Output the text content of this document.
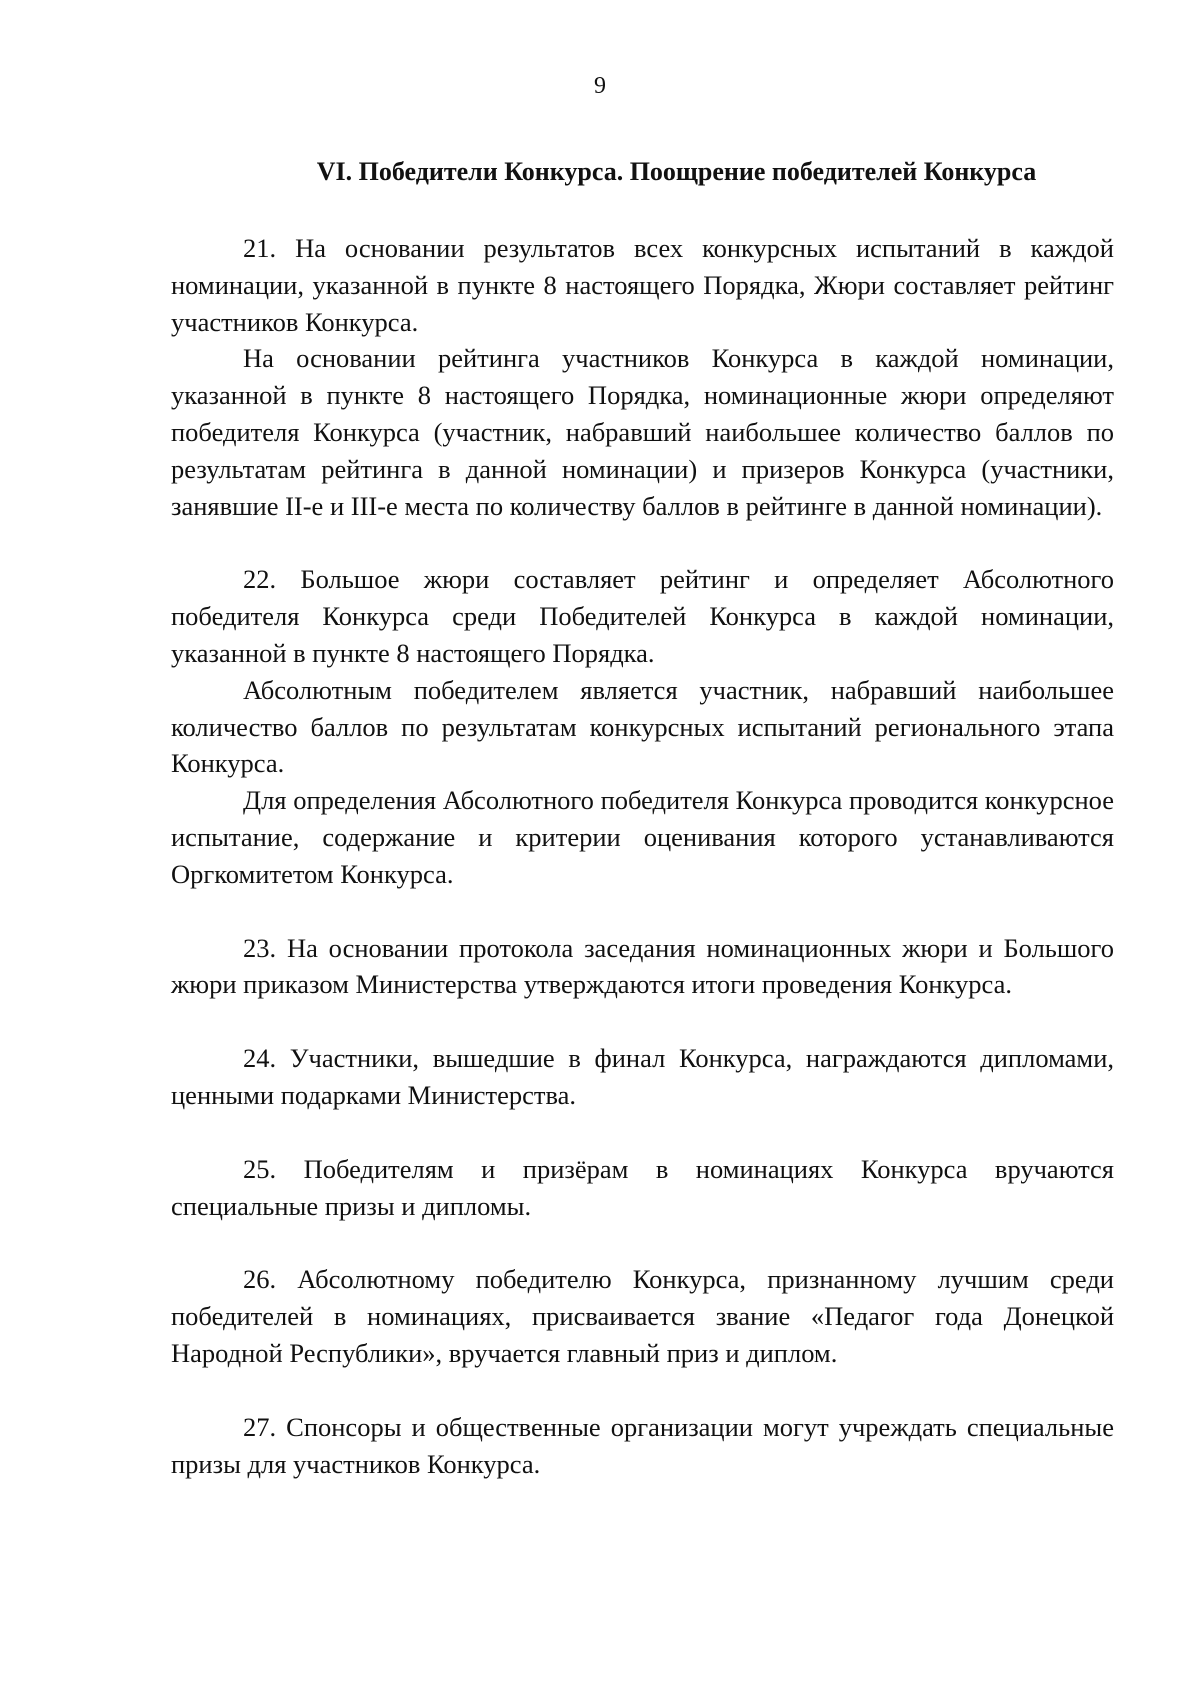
9
VI. Победители Конкурса. Поощрение победителей Конкурса

21. На основании результатов всех конкурсных испытаний в каждой номинации, указанной в пункте 8 настоящего Порядка, Жюри составляет рейтинг участников Конкурса.

На основании рейтинга участников Конкурса в каждой номинации, указанной в пункте 8 настоящего Порядка, номинационные жюри определяют победителя Конкурса (участник, набравший наибольшее количество баллов по результатам рейтинга в данной номинации) и призеров Конкурса (участники, занявшие II-е и III-е места по количеству баллов в рейтинге в данной номинации).

22. Большое жюри составляет рейтинг и определяет Абсолютного победителя Конкурса среди Победителей Конкурса в каждой номинации, указанной в пункте 8 настоящего Порядка.

Абсолютным победителем является участник, набравший наибольшее количество баллов по результатам конкурсных испытаний регионального этапа Конкурса.

Для определения Абсолютного победителя Конкурса проводится конкурсное испытание, содержание и критерии оценивания которого устанавливаются Оргкомитетом Конкурса.

23. На основании протокола заседания номинационных жюри и Большого жюри приказом Министерства утверждаются итоги проведения Конкурса.

24. Участники, вышедшие в финал Конкурса, награждаются дипломами, ценными подарками Министерства.

25. Победителям и призёрам в номинациях Конкурса вручаются специальные призы и дипломы.

26. Абсолютному победителю Конкурса, признанному лучшим среди победителей в номинациях, присваивается звание «Педагог года Донецкой Народной Республики», вручается главный приз и диплом.

27. Спонсоры и общественные организации могут учреждать специальные призы для участников Конкурса.
